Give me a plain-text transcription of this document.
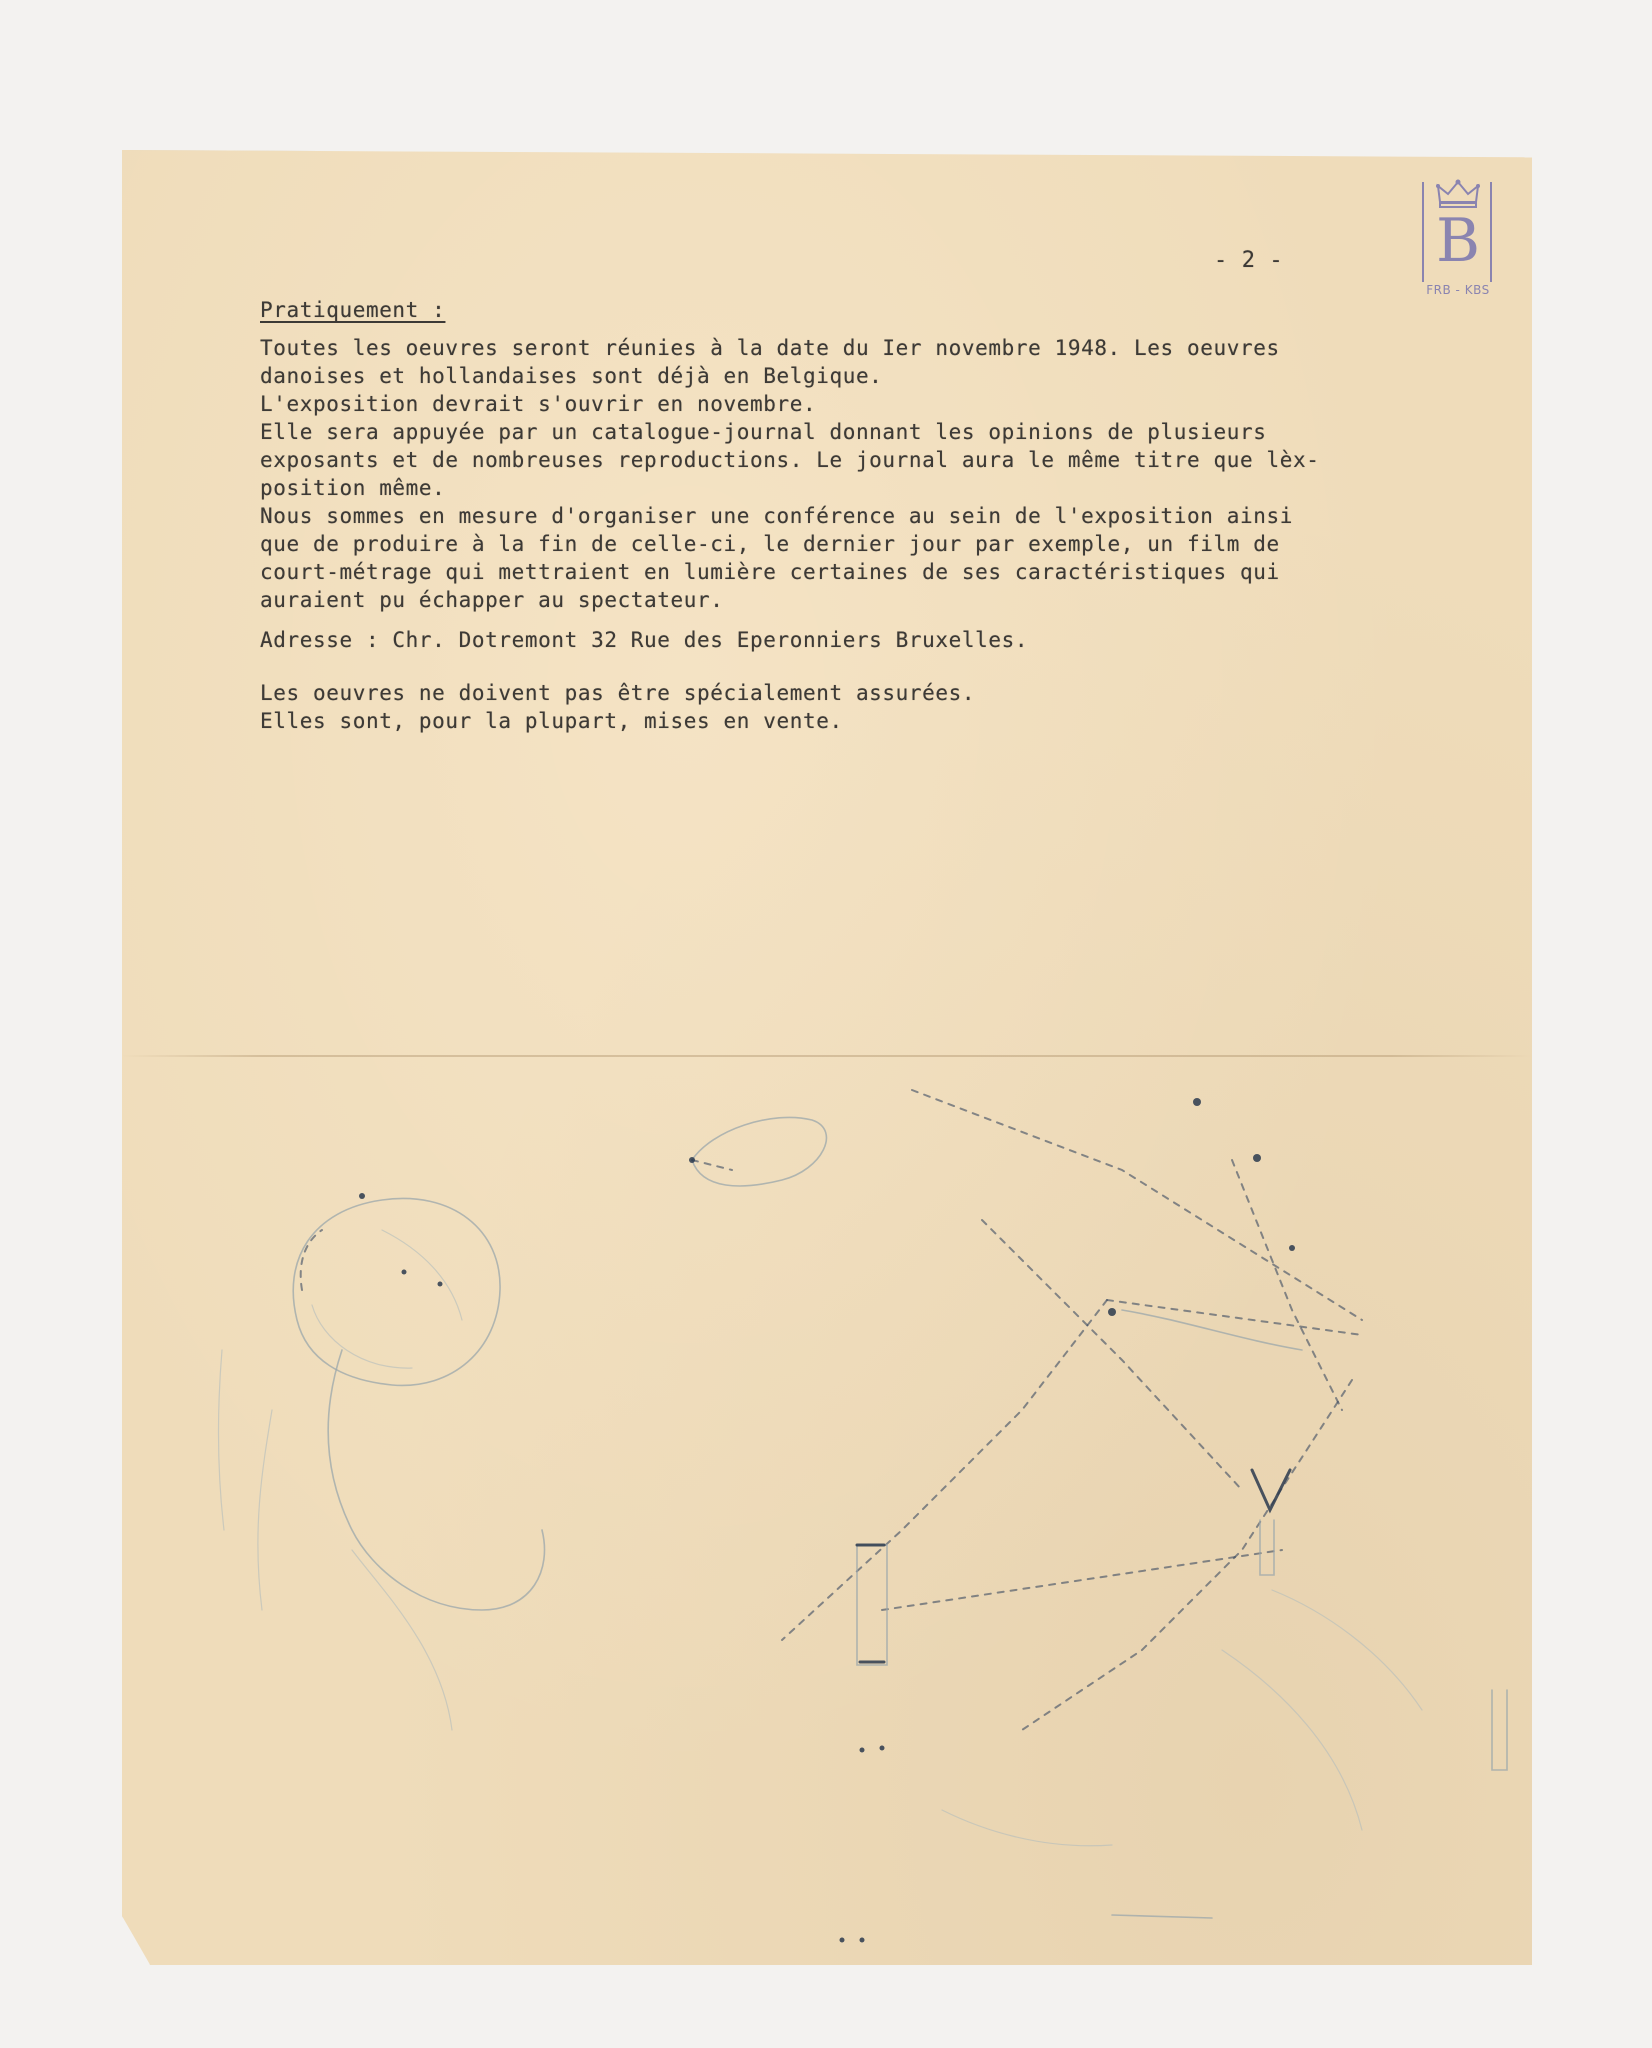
B
FRB - KBS
- 2 -
Pratiquement :
Toutes les oeuvres seront réunies à la date du Ier novembre 1948. Les oeuvres
danoises et hollandaises sont déjà en Belgique.
L'exposition devrait s'ouvrir en novembre.
Elle sera appuyée par un catalogue-journal donnant les opinions de plusieurs
exposants et de nombreuses reproductions. Le journal aura le même titre que lèx-
position même.
Nous sommes en mesure d'organiser une conférence au sein de l'exposition ainsi
que de produire à la fin de celle-ci, le dernier jour par exemple, un film de
court-métrage qui mettraient en lumière certaines de ses caractéristiques qui
auraient pu échapper au spectateur.
Adresse : Chr. Dotremont 32 Rue des Eperonniers Bruxelles.
Les oeuvres ne doivent pas être spécialement assurées.
Elles sont, pour la plupart, mises en vente.
